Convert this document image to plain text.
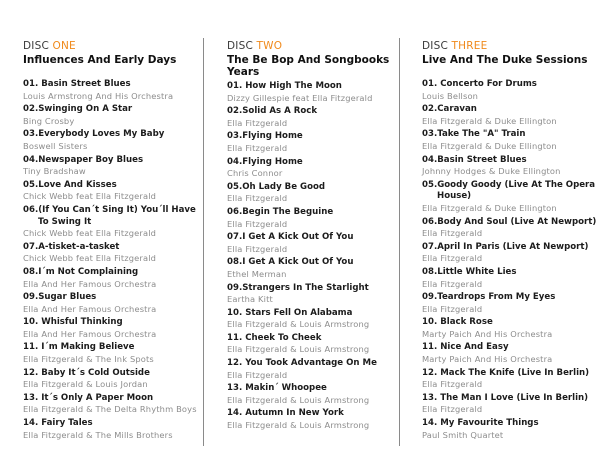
DISC ONE
Influences And Early Days
01. Basin Street Blues
Louis Armstrong And His Orchestra
02.Swinging On A Star
Bing Crosby
03.Everybody Loves My Baby
Boswell Sisters
04.Newspaper Boy Blues
Tiny Bradshaw
05.Love And Kisses
Chick Webb feat Ella Fitzgerald
06.(If You Can´t Sing It) You´ll Have
To Swing It
Chick Webb feat Ella Fitzgerald
07.A-tisket-a-tasket
Chick Webb feat Ella Fitzgerald
08.I´m Not Complaining
Ella And Her Famous Orchestra
09.Sugar Blues
Ella And Her Famous Orchestra
10. Whisful Thinking
Ella And Her Famous Orchestra
11. I´m Making Believe
Ella Fitzgerald & The Ink Spots
12. Baby It´s Cold Outside
Ella Fitzgerald & Louis Jordan
13. It´s Only A Paper Moon
Ella Fitzgerald & The Delta Rhythm Boys
14. Fairy Tales
Ella Fitzgerald & The Mills Brothers
DISC TWO
The Be Bop And Songbooks Years
01. How High The Moon
Dizzy Gillespie feat Ella Fitzgerald
02.Solid As A Rock
Ella Fitzgerald
03.Flying Home
Ella Fitzgerald
04.Flying Home
Chris Connor
05.Oh Lady Be Good
Ella Fitzgerald
06.Begin The Beguine
Ella Fitzgerald
07.I Get A Kick Out Of You
Ella Fitzgerald
08.I Get A Kick Out Of You
Ethel Merman
09.Strangers In The Starlight
Eartha Kitt
10. Stars Fell On Alabama
Ella Fitzgerald & Louis Armstrong
11. Cheek To Cheek
Ella Fitzgerald & Louis Armstrong
12. You Took Advantage On Me
Ella Fitzgerald
13. Makin´ Whoopee
Ella Fitzgerald & Louis Armstrong
14. Autumn In New York
Ella Fitzgerald & Louis Armstrong
DISC THREE
Live And The Duke Sessions
01. Concerto For Drums
Louis Bellson
02.Caravan
Ella Fitzgerald & Duke Ellington
03.Take The "A" Train
Ella Fitzgerald & Duke Ellington
04.Basin Street Blues
Johnny Hodges & Duke Ellington
05.Goody Goody (Live At The Opera
House)
Ella Fitzgerald & Duke Ellington
06.Body And Soul (Live At Newport)
Ella Fitzgerald
07.April In Paris (Live At Newport)
Ella Fitzgerald
08.Little White Lies
Ella Fitzgerald
09.Teardrops From My Eyes
Ella Fitzgerald
10. Black Rose
Marty Paich And His Orchestra
11. Nice And Easy
Marty Paich And His Orchestra
12. Mack The Knife (Live In Berlin)
Ella Fitzgerald
13. The Man I Love (Live In Berlin)
Ella Fitzgerald
14. My Favourite Things
Paul Smith Quartet
